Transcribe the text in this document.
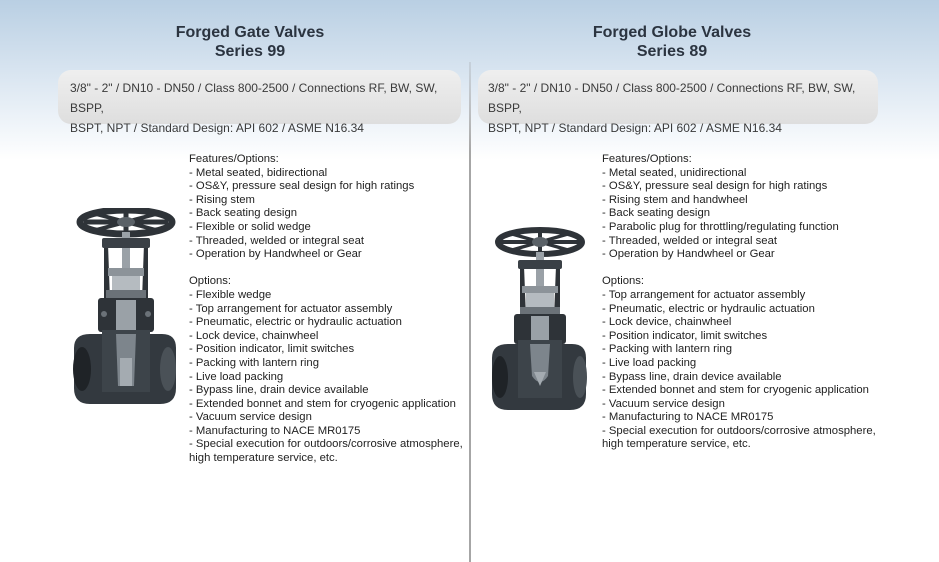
Forged Gate Valves
Series 99
3/8" - 2" / DN10 - DN50 / Class 800-2500 / Connections RF, BW, SW, BSPP,
BSPT, NPT / Standard Design: API 602 / ASME N16.34
Features/Options:
- Metal seated, bidirectional
- OS&Y, pressure seal design for high ratings
- Rising stem
- Back seating design
- Flexible or solid wedge
- Threaded, welded or integral seat
- Operation by Handwheel or Gear
Options:
- Flexible wedge
- Top arrangement for actuator assembly
- Pneumatic, electric or hydraulic actuation
- Lock device, chainwheel
- Position indicator, limit switches
- Packing with lantern ring
- Live load packing
- Bypass line, drain device available
- Extended bonnet and stem for cryogenic application
- Vacuum service design
- Manufacturing to NACE MR0175
- Special execution for outdoors/corrosive atmosphere, high temperature service, etc.
Forged Globe Valves
Series 89
3/8" - 2" / DN10 - DN50 / Class 800-2500 / Connections RF, BW, SW, BSPP,
BSPT, NPT / Standard Design: API 602 / ASME N16.34
Features/Options:
- Metal seated, unidirectional
- OS&Y, pressure seal design for high ratings
- Rising stem and handwheel
- Back seating design
- Parabolic plug for throttling/regulating function
- Threaded, welded or integral seat
- Operation by Handwheel or Gear
Options:
- Top arrangement for actuator assembly
- Pneumatic, electric or hydraulic actuation
- Lock device, chainwheel
- Position indicator, limit switches
- Packing with lantern ring
- Live load packing
- Bypass line, drain device available
- Extended bonnet and stem for cryogenic application
- Vacuum service design
- Manufacturing to NACE MR0175
- Special execution for outdoors/corrosive atmosphere, high temperature service, etc.
